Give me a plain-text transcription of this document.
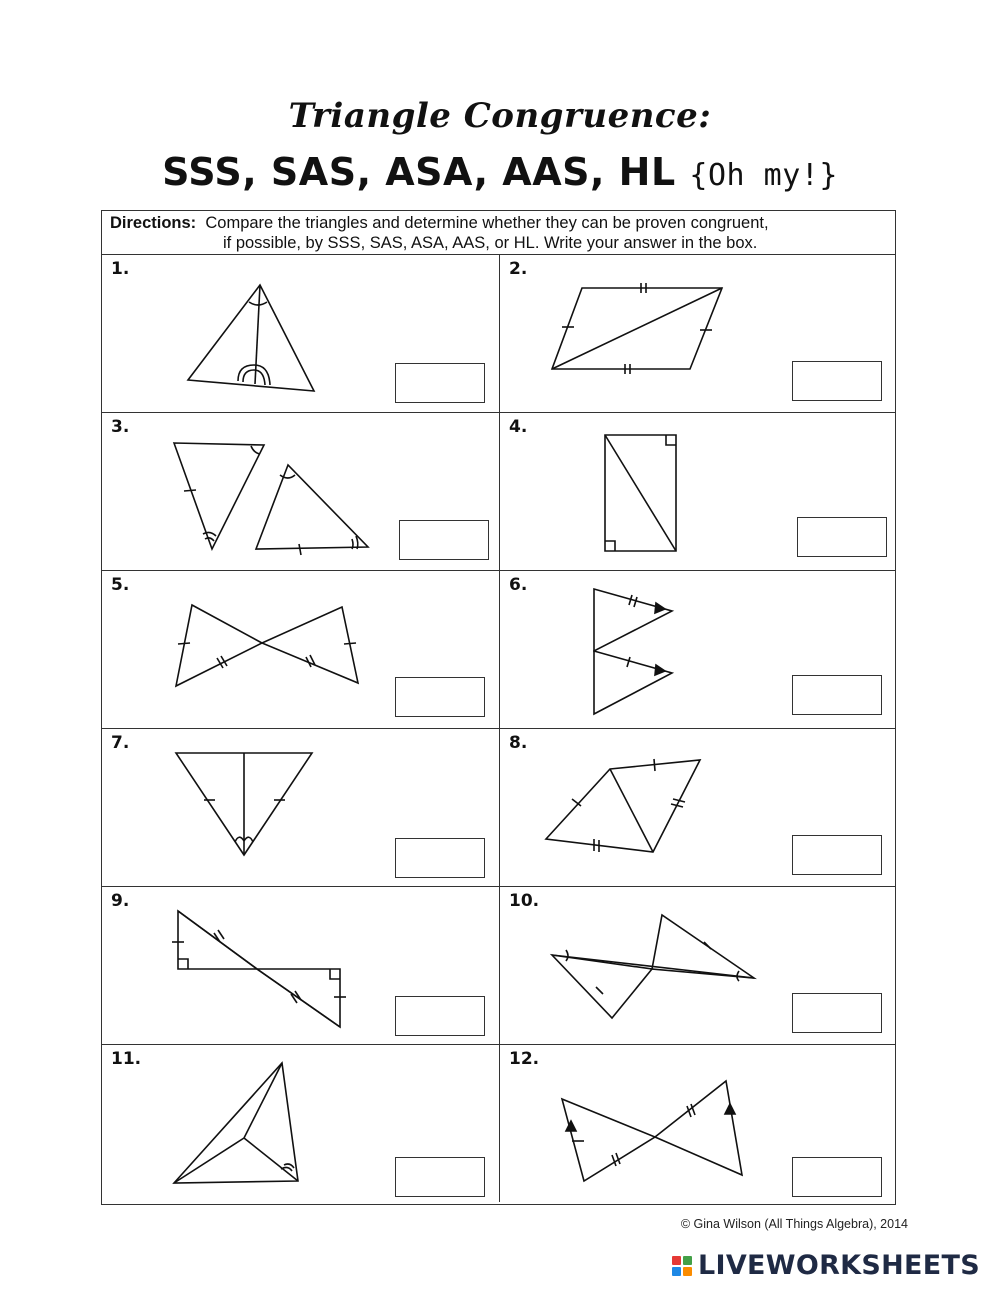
Triangle Congruence:
SSS, SAS, ASA, AAS, HL {Oh my!}
Directions: Compare the triangles and determine whether they can be proven congruent,
if possible, by SSS, SAS, ASA, AAS, or HL. Write your answer in the box.
1.	2.
3.	4.
5.	6.
7.	8.
9.	10.
11.	12.
© Gina Wilson (All Things Algebra), 2014
LIVEWORKSHEETS
